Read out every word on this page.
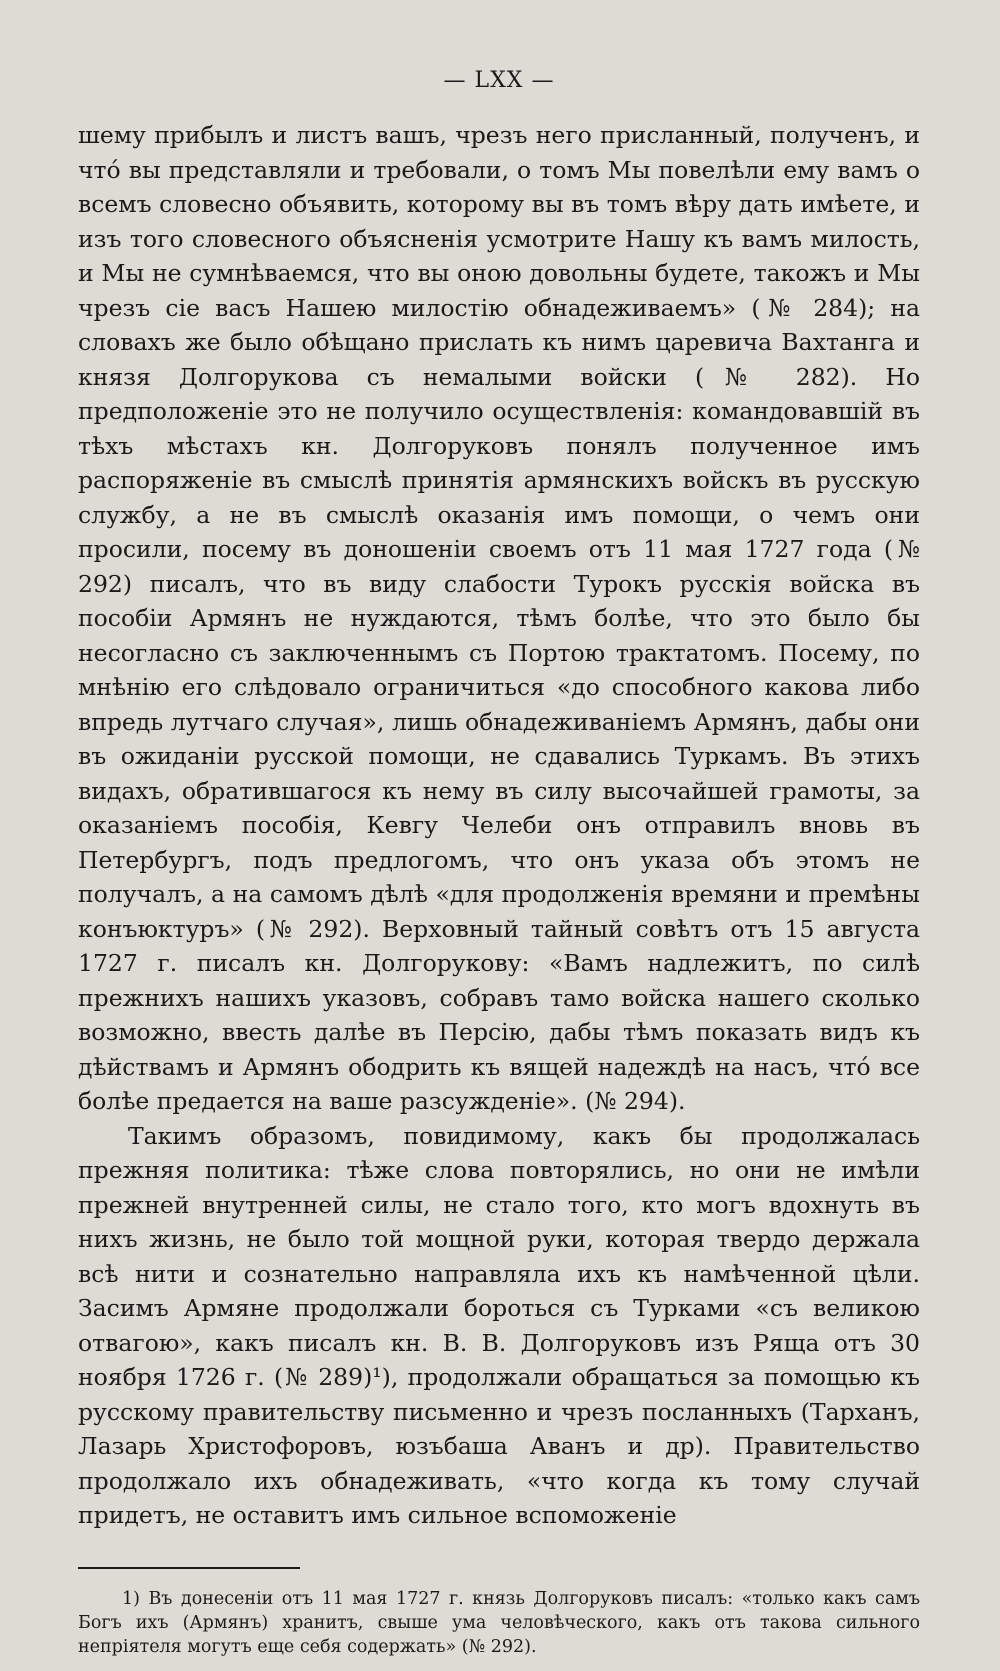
— LXX —

шему прибылъ и листъ вашъ, чрезъ него присланный, полученъ, и чтó вы представляли и требовали, о томъ Мы повелѣли ему вамъ о всемъ словесно объявить, которому вы въ томъ вѣру дать имѣете, и изъ того словесного объясненія усмотрите Нашу къ вамъ милость, и Мы не сумнѣваемся, что вы оною довольны будете, такожъ и Мы чрезъ сіе васъ Нашею милостію обнадеживаемъ» (№ 284); на словахъ же было обѣщано прислать къ нимъ царевича Вахтанга и князя Долгорукова съ немалыми войски (№ 282). Но предположеніе это не получило осуществленія: командовавшій въ тѣхъ мѣстахъ кн. Долгоруковъ понялъ полученное имъ распоряженіе въ смыслѣ принятія армянскихъ войскъ въ русскую службу, а не въ смыслѣ оказанія имъ помощи, о чемъ они просили, посему въ доношеніи своемъ отъ 11 мая 1727 года (№ 292) писалъ, что въ виду слабости Турокъ русскія войска въ пособіи Армянъ не нуждаются, тѣмъ болѣе, что это было бы несогласно съ заключеннымъ съ Портою трактатомъ. Посему, по мнѣнію его слѣдовало ограничиться «до способного какова либо впредь лутчаго случая», лишь обнадеживаніемъ Армянъ, дабы они въ ожиданіи русской помощи, не сдавались Туркамъ. Въ этихъ видахъ, обратившагося къ нему въ силу высочайшей грамоты, за оказаніемъ пособія, Кевгу Челеби онъ отправилъ вновь въ Петербургъ, подъ предлогомъ, что онъ указа объ этомъ не получалъ, а на самомъ дѣлѣ «для продолженія времяни и премѣны конъюктуръ» (№ 292). Верховный тайный совѣтъ отъ 15 августа 1727 г. писалъ кн. Долгорукову: «Вамъ надлежитъ, по силѣ прежнихъ нашихъ указовъ, собравъ тамо войска нашего сколько возможно, ввесть далѣе въ Персію, дабы тѣмъ показать видъ къ дѣйствамъ и Армянъ ободрить къ вящей надеждѣ на насъ, чтó все болѣе предается на ваше разсужденіе». (№ 294).

Такимъ образомъ, повидимому, какъ бы продолжалась прежняя политика: тѣже слова повторялись, но они не имѣли прежней внутренней силы, не стало того, кто могъ вдохнуть въ нихъ жизнь, не было той мощной руки, которая твердо держала всѣ нити и сознательно направляла ихъ къ намѣченной цѣли. Засимъ Армяне продолжали бороться съ Турками «съ великою отвагою», какъ писалъ кн. В. В. Долгоруковъ изъ Ряща отъ 30 ноября 1726 г. (№ 289)¹), продолжали обращаться за помощью къ русскому правительству письменно и чрезъ посланныхъ (Тарханъ, Лазарь Христофоровъ, юзъбаша Аванъ и др). Правительство продолжало ихъ обнадеживать, «что когда къ тому случай придетъ, не оставитъ имъ сильное вспоможеніе

1) Въ донесеніи отъ 11 мая 1727 г. князь Долгоруковъ писалъ: «только какъ самъ Богъ ихъ (Армянъ) хранитъ, свыше ума человѣческого, какъ отъ такова сильного непріятеля могутъ еще себя содержать» (№ 292).
